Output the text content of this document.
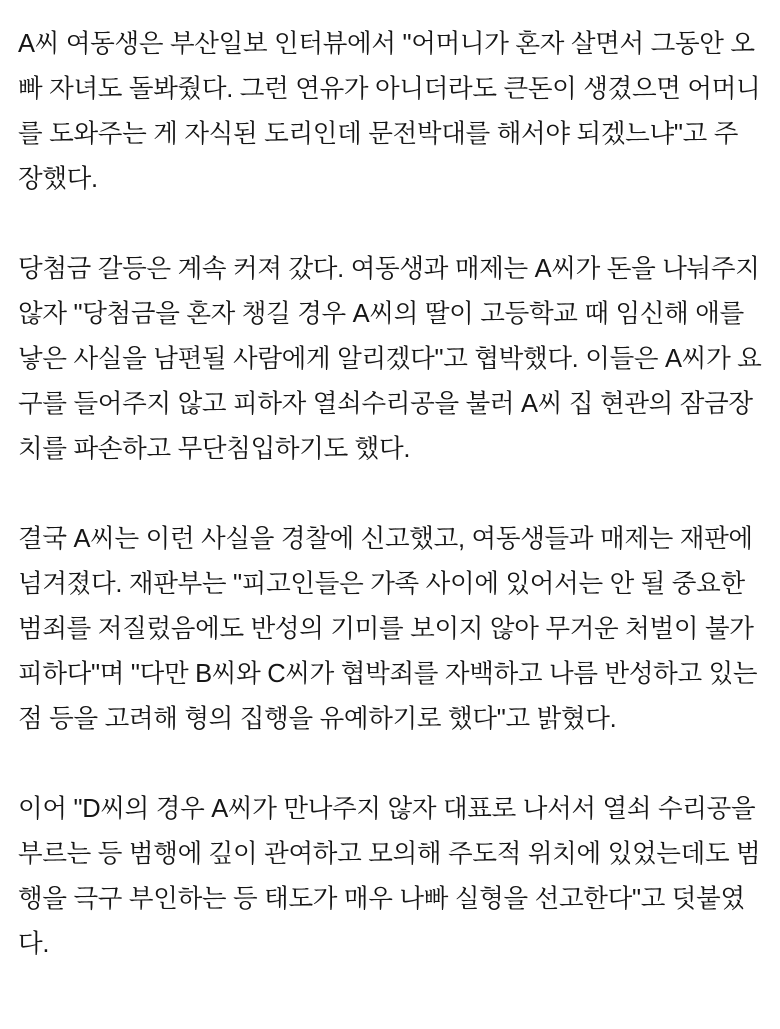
A씨 여동생은 부산일보 인터뷰에서 "어머니가 혼자 살면서 그동안 오빠 자녀도 돌봐줬다. 그런 연유가 아니더라도 큰돈이 생겼으면 어머니를 도와주는 게 자식된 도리인데 문전박대를 해서야 되겠느냐"고 주장했다.

당첨금 갈등은 계속 커져 갔다. 여동생과 매제는 A씨가 돈을 나눠주지 않자 "당첨금을 혼자 챙길 경우 A씨의 딸이 고등학교 때 임신해 애를 낳은 사실을 남편될 사람에게 알리겠다"고 협박했다. 이들은 A씨가 요구를 들어주지 않고 피하자 열쇠수리공을 불러 A씨 집 현관의 잠금장치를 파손하고 무단침입하기도 했다.

결국 A씨는 이런 사실을 경찰에 신고했고, 여동생들과 매제는 재판에 넘겨졌다. 재판부는 "피고인들은 가족 사이에 있어서는 안 될 중요한 범죄를 저질렀음에도 반성의 기미를 보이지 않아 무거운 처벌이 불가피하다"며 "다만 B씨와 C씨가 협박죄를 자백하고 나름 반성하고 있는 점 등을 고려해 형의 집행을 유예하기로 했다"고 밝혔다.

이어 "D씨의 경우 A씨가 만나주지 않자 대표로 나서서 열쇠 수리공을 부르는 등 범행에 깊이 관여하고 모의해 주도적 위치에 있었는데도 범행을 극구 부인하는 등 태도가 매우 나빠 실형을 선고한다"고 덧붙였다.
